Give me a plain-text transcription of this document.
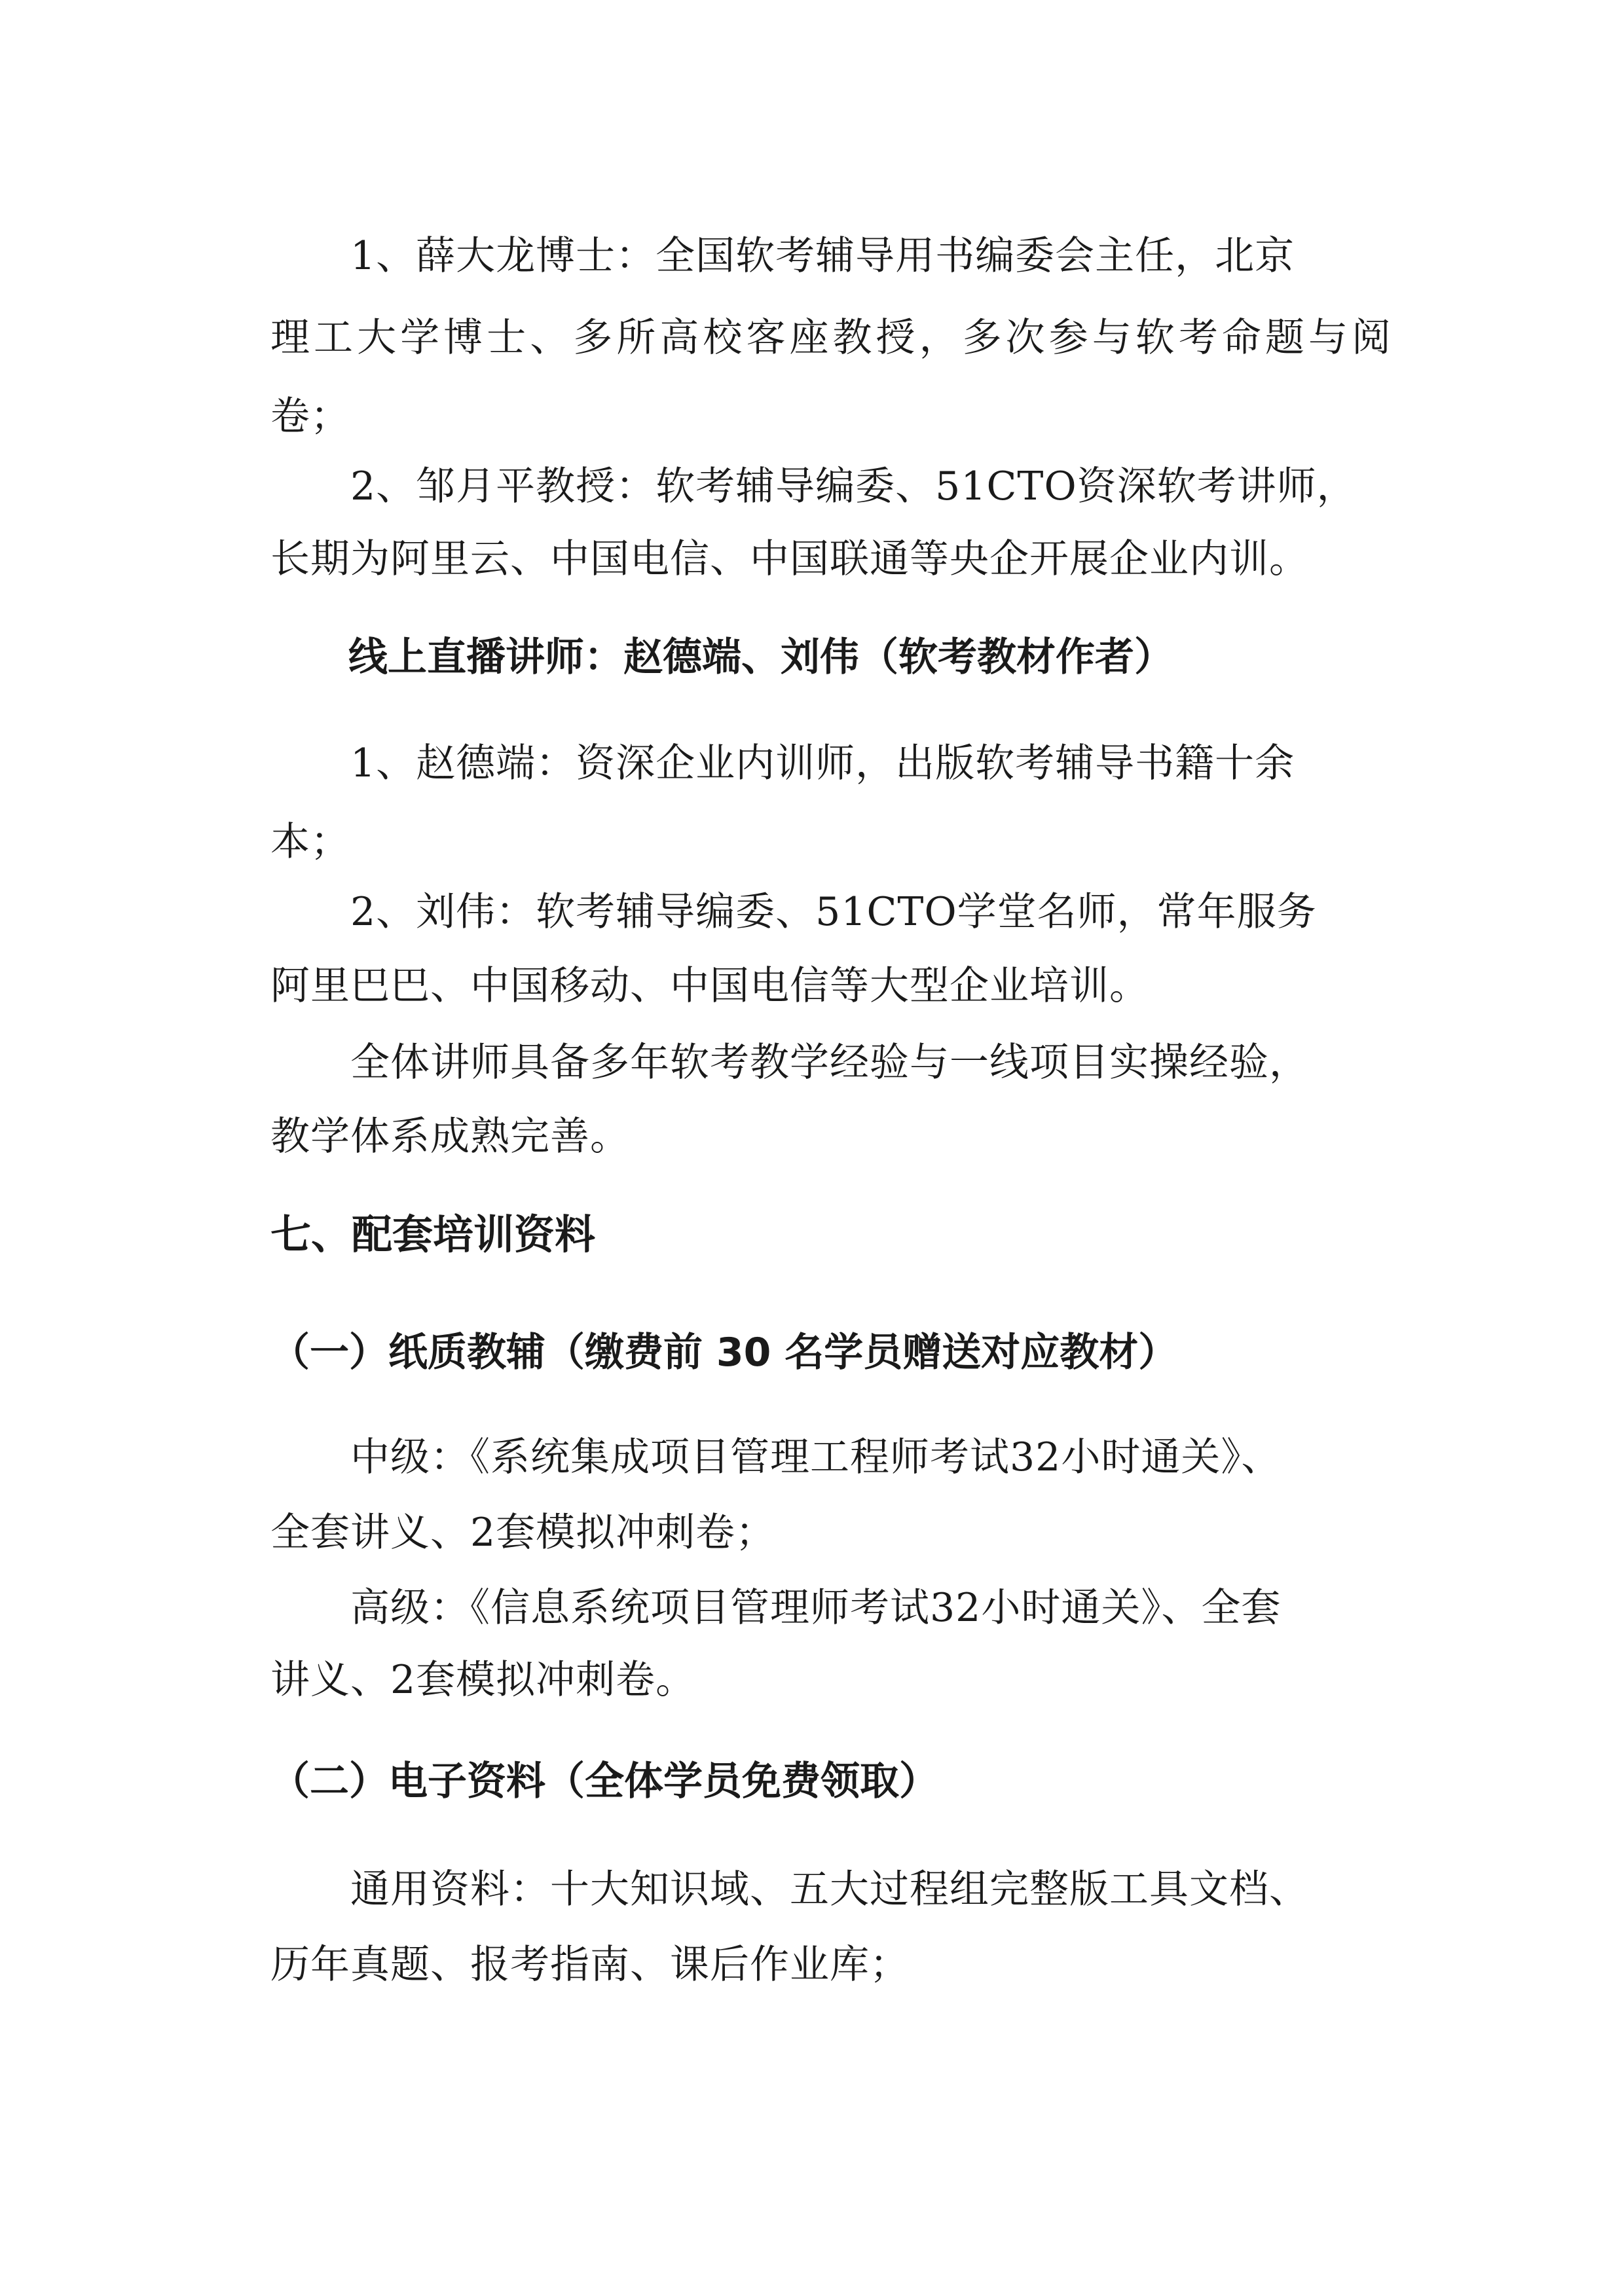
1、薛大龙博士：全国软考辅导用书编委会主任，北京
理工大学博士、多所高校客座教授，多次参与软考命题与阅
卷；
2、邹月平教授：软考辅导编委、51CTO资深软考讲师，
长期为阿里云、中国电信、中国联通等央企开展企业内训。
线上直播讲师：赵德端、刘伟（软考教材作者）
1、赵德端：资深企业内训师，出版软考辅导书籍十余
本；
2、刘伟：软考辅导编委、51CTO学堂名师，常年服务
阿里巴巴、中国移动、中国电信等大型企业培训。
全体讲师具备多年软考教学经验与一线项目实操经验，
教学体系成熟完善。
七、配套培训资料
（一）纸质教辅（缴费前 30 名学员赠送对应教材）
中级：《系统集成项目管理工程师考试32小时通关》、
全套讲义、2套模拟冲刺卷；
高级：《信息系统项目管理师考试32小时通关》、全套
讲义、2套模拟冲刺卷。
（二）电子资料（全体学员免费领取）
通用资料：十大知识域、五大过程组完整版工具文档、
历年真题、报考指南、课后作业库；
